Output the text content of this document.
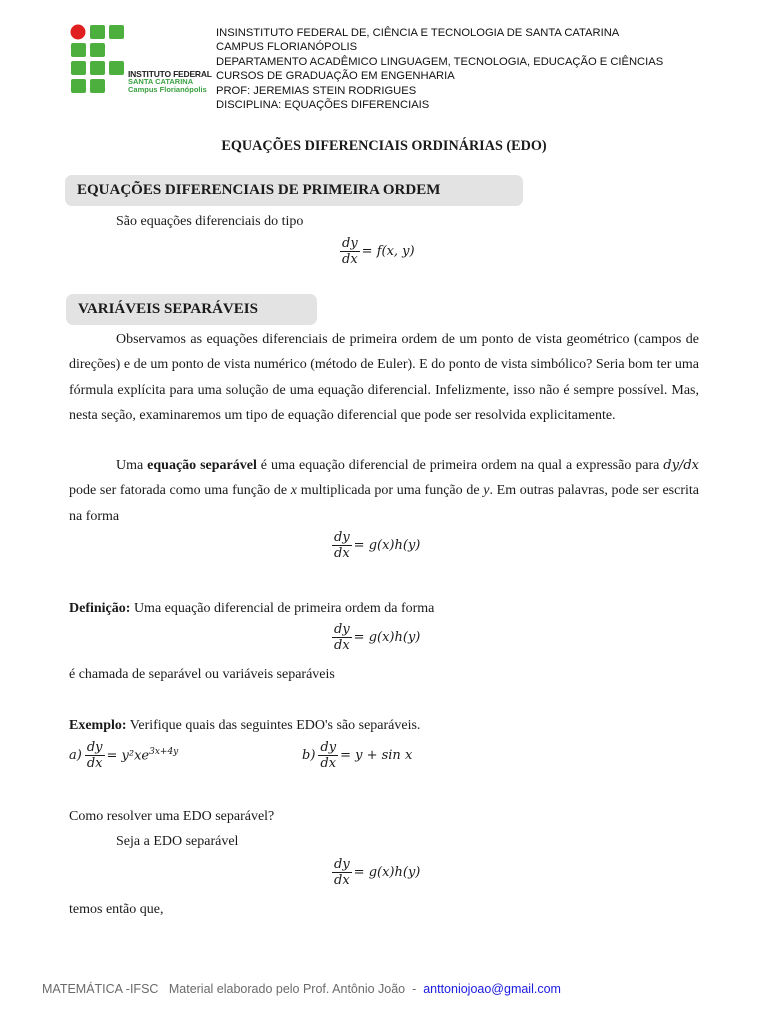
INSTITUTO FEDERAL
SANTA CATARINA
Campus Florianópolis
INSINSTITUTO FEDERAL DE, CIÊNCIA E TECNOLOGIA DE SANTA CATARINA
CAMPUS FLORIANÓPOLIS
DEPARTAMENTO ACADÊMICO LINGUAGEM, TECNOLOGIA, EDUCAÇÃO E CIÊNCIAS
CURSOS DE GRADUAÇÃO EM ENGENHARIA
PROF: JEREMIAS STEIN RODRIGUES
DISCIPLINA: EQUAÇÕES DIFERENCIAIS
EQUAÇÕES DIFERENCIAIS ORDINÁRIAS (EDO)
EQUAÇÕES DIFERENCIAIS DE PRIMEIRA ORDEM
São equações diferenciais do tipo
$\frac{dy}{dx} = f(x$, y)
VARIÁVEIS SEPARÁVEIS
Observamos as equações diferenciais de primeira ordem de um ponto de vista geométrico (campos de direções) e de um ponto de vista numérico (método de Euler). E do ponto de vista simbólico? Seria bom ter uma fórmula explícita para uma solução de uma equação diferencial. Infelizmente, isso não é sempre possível. Mas, nesta seção, examinaremos um tipo de equação diferencial que pode ser resolvida explicitamente.
Uma equação separável é uma equação diferencial de primeira ordem na qual a expressão para dy/dx pode ser fatorada como uma função de x multiplicada por uma função de y. Em outras palavras, pode ser escrita na forma
$\frac{dy}{dx} = g(x)h(y)$
Definição: Uma equação diferencial de primeira ordem da forma
$\frac{dy}{dx} = g(x)h(y)$
é chamada de separável ou variáveis separáveis
Exemplo: Verifique quais das seguintes EDO's são separáveis.
$a) \frac{dy}{dx} = y^2xe^{3x+4y}$	$b) \frac{dy}{dx} = y + \sin x$
Como resolver uma EDO separável?
Seja a EDO separável
$\frac{dy}{dx} = g(x)h(y)$
temos então que,
MATEMÁTICA -IFSC   Material elaborado pelo Prof. Antônio João  -  anttoniojoao@gmail.com
